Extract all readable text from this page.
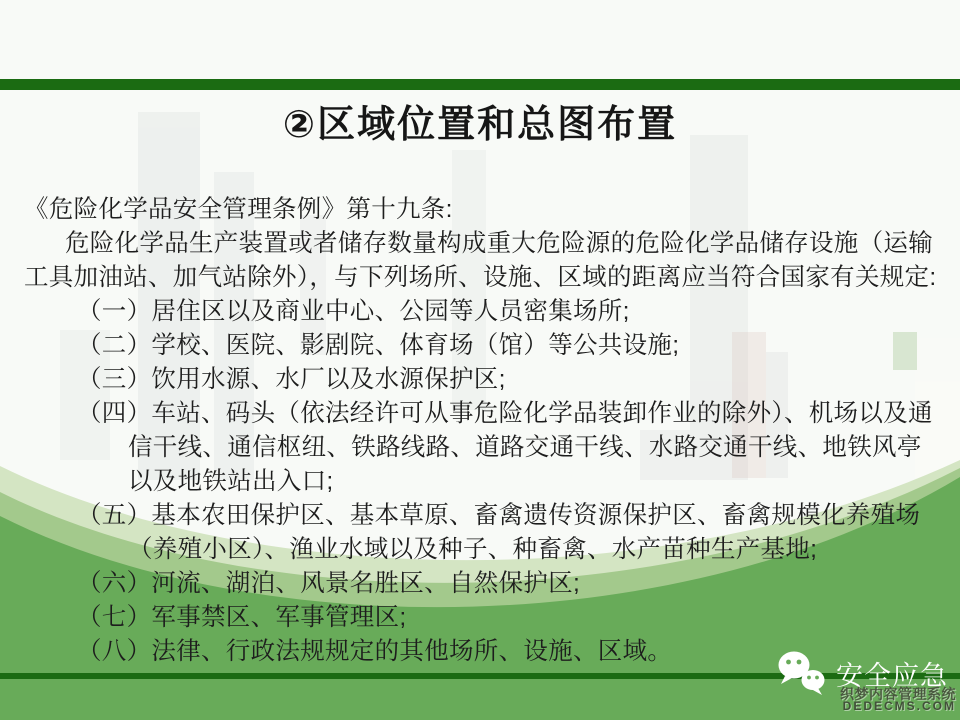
②区域位置和总图布置
《危险化学品安全管理条例》第十九条:
危险化学品生产装置或者储存数量构成重大危险源的危险化学品储存设施（运输
工具加油站、加气站除外），与下列场所、设施、区域的距离应当符合国家有关规定:
（一）居住区以及商业中心、公园等人员密集场所;
（二）学校、医院、影剧院、体育场（馆）等公共设施;
（三）饮用水源、水厂以及水源保护区;
（四）车站、码头（依法经许可从事危险化学品装卸作业的除外）、机场以及通
信干线、通信枢纽、铁路线路、道路交通干线、水路交通干线、地铁风亭
以及地铁站出入口;
（五）基本农田保护区、基本草原、畜禽遗传资源保护区、畜禽规模化养殖场
（养殖小区）、渔业水域以及种子、种畜禽、水产苗种生产基地;
（六）河流、湖泊、风景名胜区、自然保护区;
（七）军事禁区、军事管理区;
（八）法律、行政法规规定的其他场所、设施、区域。
安全应急
织梦内容管理系统
DEDECMS.COM
